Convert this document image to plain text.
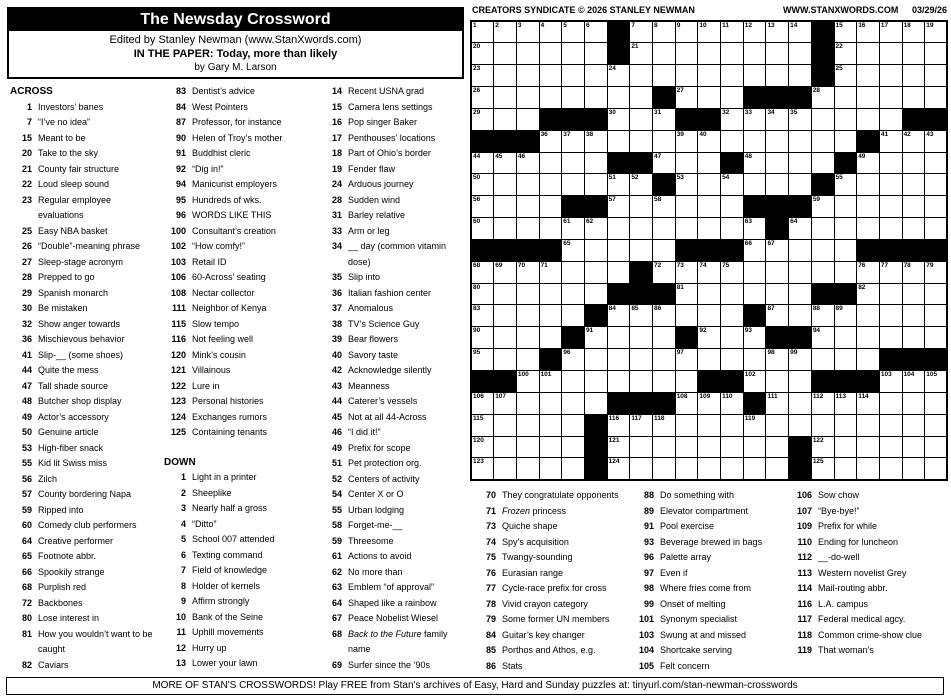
The Newsday Crossword
Edited by Stanley Newman (www.StanXwords.com)
IN THE PAPER: Today, more than likely
by Gary M. Larson
ACROSS
1 Investors’ banes
7 “I’ve no idea”
15 Meant to be
20 Take to the sky
21 County fair structure
22 Loud sleep sound
23 Regular employee evaluations
25 Easy NBA basket
26 “Double”-meaning phrase
27 Sleep-stage acronym
28 Prepped to go
29 Spanish monarch
30 Be mistaken
32 Show anger towards
36 Mischievous behavior
41 Slip-__ (some shoes)
44 Quite the mess
47 Tall shade source
48 Butcher shop display
49 Actor’s accessory
50 Genuine article
53 High-fiber snack
55 Kid lit Swiss miss
56 Zilch
57 County bordering Napa
59 Ripped into
60 Comedy club performers
64 Creative performer
65 Footnote abbr.
66 Spookily strange
68 Purplish red
72 Backbones
80 Lose interest in
81 How you wouldn’t want to be caught
82 Caviars
83 Dentist’s advice
84 West Pointers
87 Professor, for instance
90 Helen of Troy’s mother
91 Buddhist cleric
92 “Dig in!”
94 Manicurist employers
95 Hundreds of wks.
96 WORDS LIKE THIS
100 Consultant’s creation
102 “How comfy!”
103 Retail ID
106 60-Across’ seating
108 Nectar collector
111 Neighbor of Kenya
115 Slow tempo
116 Not feeling well
120 Mink’s cousin
121 Villainous
122 Lure in
123 Personal histories
124 Exchanges rumors
125 Containing tenants
DOWN
1 Light in a printer
2 Sheeplike
3 Nearly half a gross
4 “Ditto”
5 School 007 attended
6 Texting command
7 Field of knowledge
8 Holder of kernels
9 Affirm strongly
10 Bank of the Seine
11 Uphill movements
12 Hurry up
13 Lower your lawn
14 Recent USNA grad
15 Camera lens settings
16 Pop singer Baker
17 Penthouses’ locations
18 Part of Ohio’s border
19 Fender flaw
24 Arduous journey
28 Sudden wind
31 Barley relative
33 Arm or leg
34 __ day (common vitamin dose)
35 Slip into
36 Italian fashion center
37 Anomalous
38 TV’s Science Guy
39 Bear flowers
40 Savory taste
42 Acknowledge silently
43 Meanness
44 Caterer’s vessels
45 Not at all 44-Across
46 “I did it!”
49 Prefix for scope
51 Pet protection org.
52 Centers of activity
54 Center X or O
55 Urban lodging
58 Forget-me-__
59 Threesome
61 Actions to avoid
62 No more than
63 Emblem “of approval”
64 Shaped like a rainbow
67 Peace Nobelist Wiesel
68 Back to the Future family name
69 Surfer since the ’90s
CREATORS SYNDICATE © 2026 STANLEY NEWMAN	WWW.STANXWORDS.COM 03/29/26
1	2	3	4	5	6		7	8	9	10	11	12	13	14		15	16	17	18	19

20							21									22				

23						24										25				

26									27						28					

29						30		31			32	33	34	35						

			36	37	38				39	40								41	42	43

44	45	46						47				48					49			

50						51	52		53		54					55				

56						57		58							59					

60				61	62							63		64						

				65								66	67							

68	69	70	71					72	73	74	75						76	77	78	79

80									81								82			

83						84	85	86					87		88	89				

90					91					92		93			94					

95				96					97				98	99						

		100	101									102						103	104	105

106	107								108	109	110		111		112	113	114			

115						116	117	118				119								

120						121									122					

123						124									125					

70 They congratulate opponents
71 Frozen princess
73 Quiche shape
74 Spy’s acquisition
75 Twangy-sounding
76 Eurasian range
77 Cycle-race prefix for cross
78 Vivid crayon category
79 Some former UN members
84 Guitar’s key changer
85 Porthos and Athos, e.g.
86 Stats
88 Do something with
89 Elevator compartment
91 Pool exercise
93 Beverage brewed in bags
96 Palette array
97 Even if
98 Where fries come from
99 Onset of melting
101 Synonym specialist
103 Swung at and missed
104 Shortcake serving
105 Felt concern
106 Sow chow
107 “Bye-bye!”
109 Prefix for while
110 Ending for luncheon
112 __-do-well
113 Western novelist Grey
114 Mail-routing abbr.
116 L.A. campus
117 Federal medical agcy.
118 Common crime-show clue
119 That woman’s
MORE OF STAN'S CROSSWORDS! Play FREE from Stan's archives of Easy, Hard and Sunday puzzles at: tinyurl.com/stan-newman-crosswords
